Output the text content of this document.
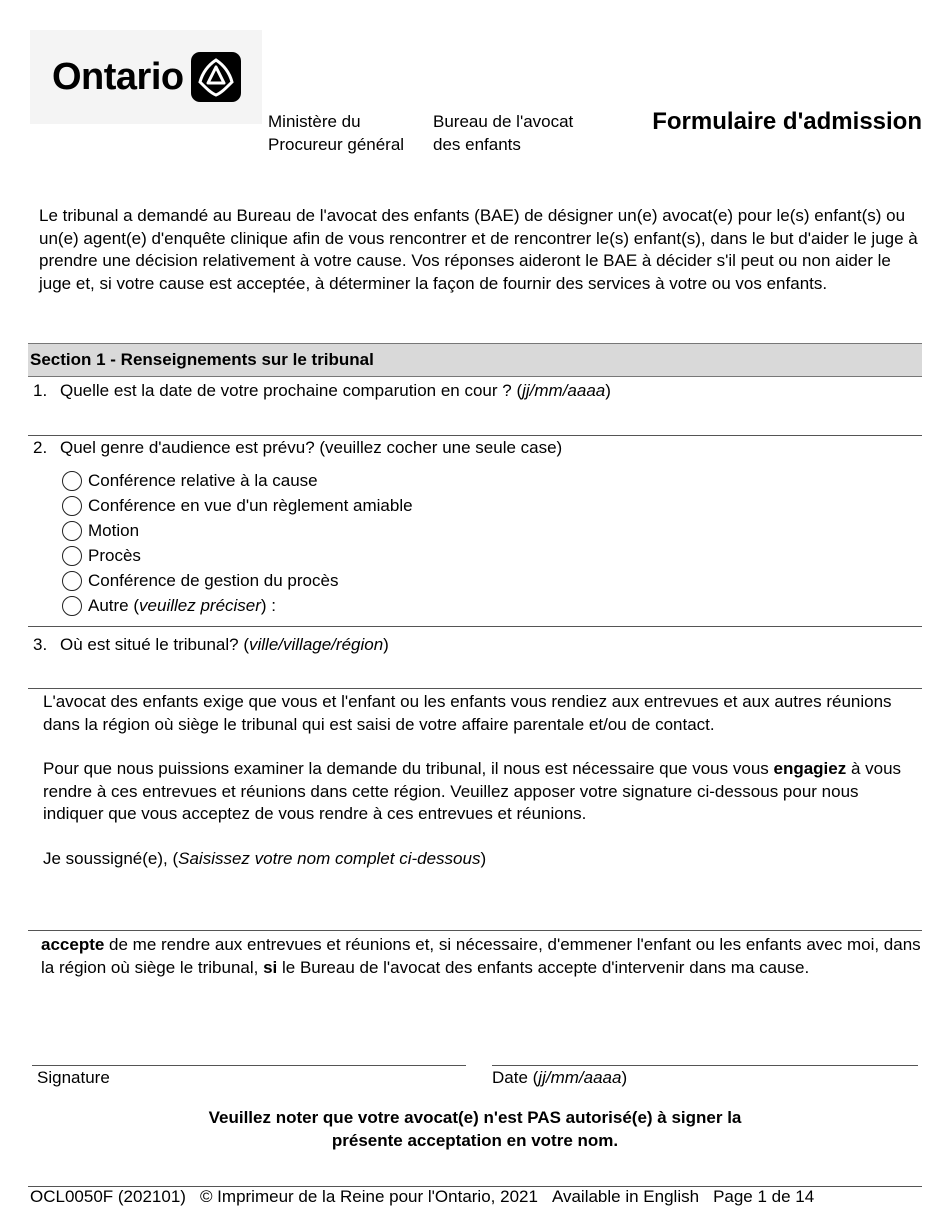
Ontario
Ministère du
Procureur général
Bureau de l'avocat
des enfants
Formulaire d'admission
Le tribunal a demandé au Bureau de l'avocat des enfants (BAE) de désigner un(e) avocat(e) pour le(s) enfant(s) ou un(e) agent(e) d'enquête clinique afin de vous rencontrer et de rencontrer le(s) enfant(s), dans le but d'aider le juge à prendre une décision relativement à votre cause. Vos réponses aideront le BAE à décider s'il peut ou non aider le juge et, si votre cause est acceptée, à déterminer la façon de fournir des services à votre ou vos enfants.
Section 1 - Renseignements sur le tribunal
1. Quelle est la date de votre prochaine comparution en cour ? (jj/mm/aaaa)
2. Quel genre d'audience est prévu? (veuillez cocher une seule case)
Conférence relative à la cause
Conférence en vue d'un règlement amiable
Motion
Procès
Conférence de gestion du procès
Autre (veuillez préciser) :
3. Où est situé le tribunal? (ville/village/région)
L'avocat des enfants exige que vous et l'enfant ou les enfants vous rendiez aux entrevues et aux autres réunions dans la région où siège le tribunal qui est saisi de votre affaire parentale et/ou de contact.
Pour que nous puissions examiner la demande du tribunal, il nous est nécessaire que vous vous engagiez à vous rendre à ces entrevues et réunions dans cette région. Veuillez apposer votre signature ci-dessous pour nous indiquer que vous acceptez de vous rendre à ces entrevues et réunions.
Je soussigné(e), (Saisissez votre nom complet ci-dessous)
accepte de me rendre aux entrevues et réunions et, si nécessaire, d'emmener l'enfant ou les enfants avec moi, dans la région où siège le tribunal, si le Bureau de l'avocat des enfants accepte d'intervenir dans ma cause.
Signature	Date (jj/mm/aaaa)
Veuillez noter que votre avocat(e) n'est PAS autorisé(e) à signer la
présente acceptation en votre nom.
OCL0050F (202101) © Imprimeur de la Reine pour l'Ontario, 2021 Available in English Page 1 de 14
